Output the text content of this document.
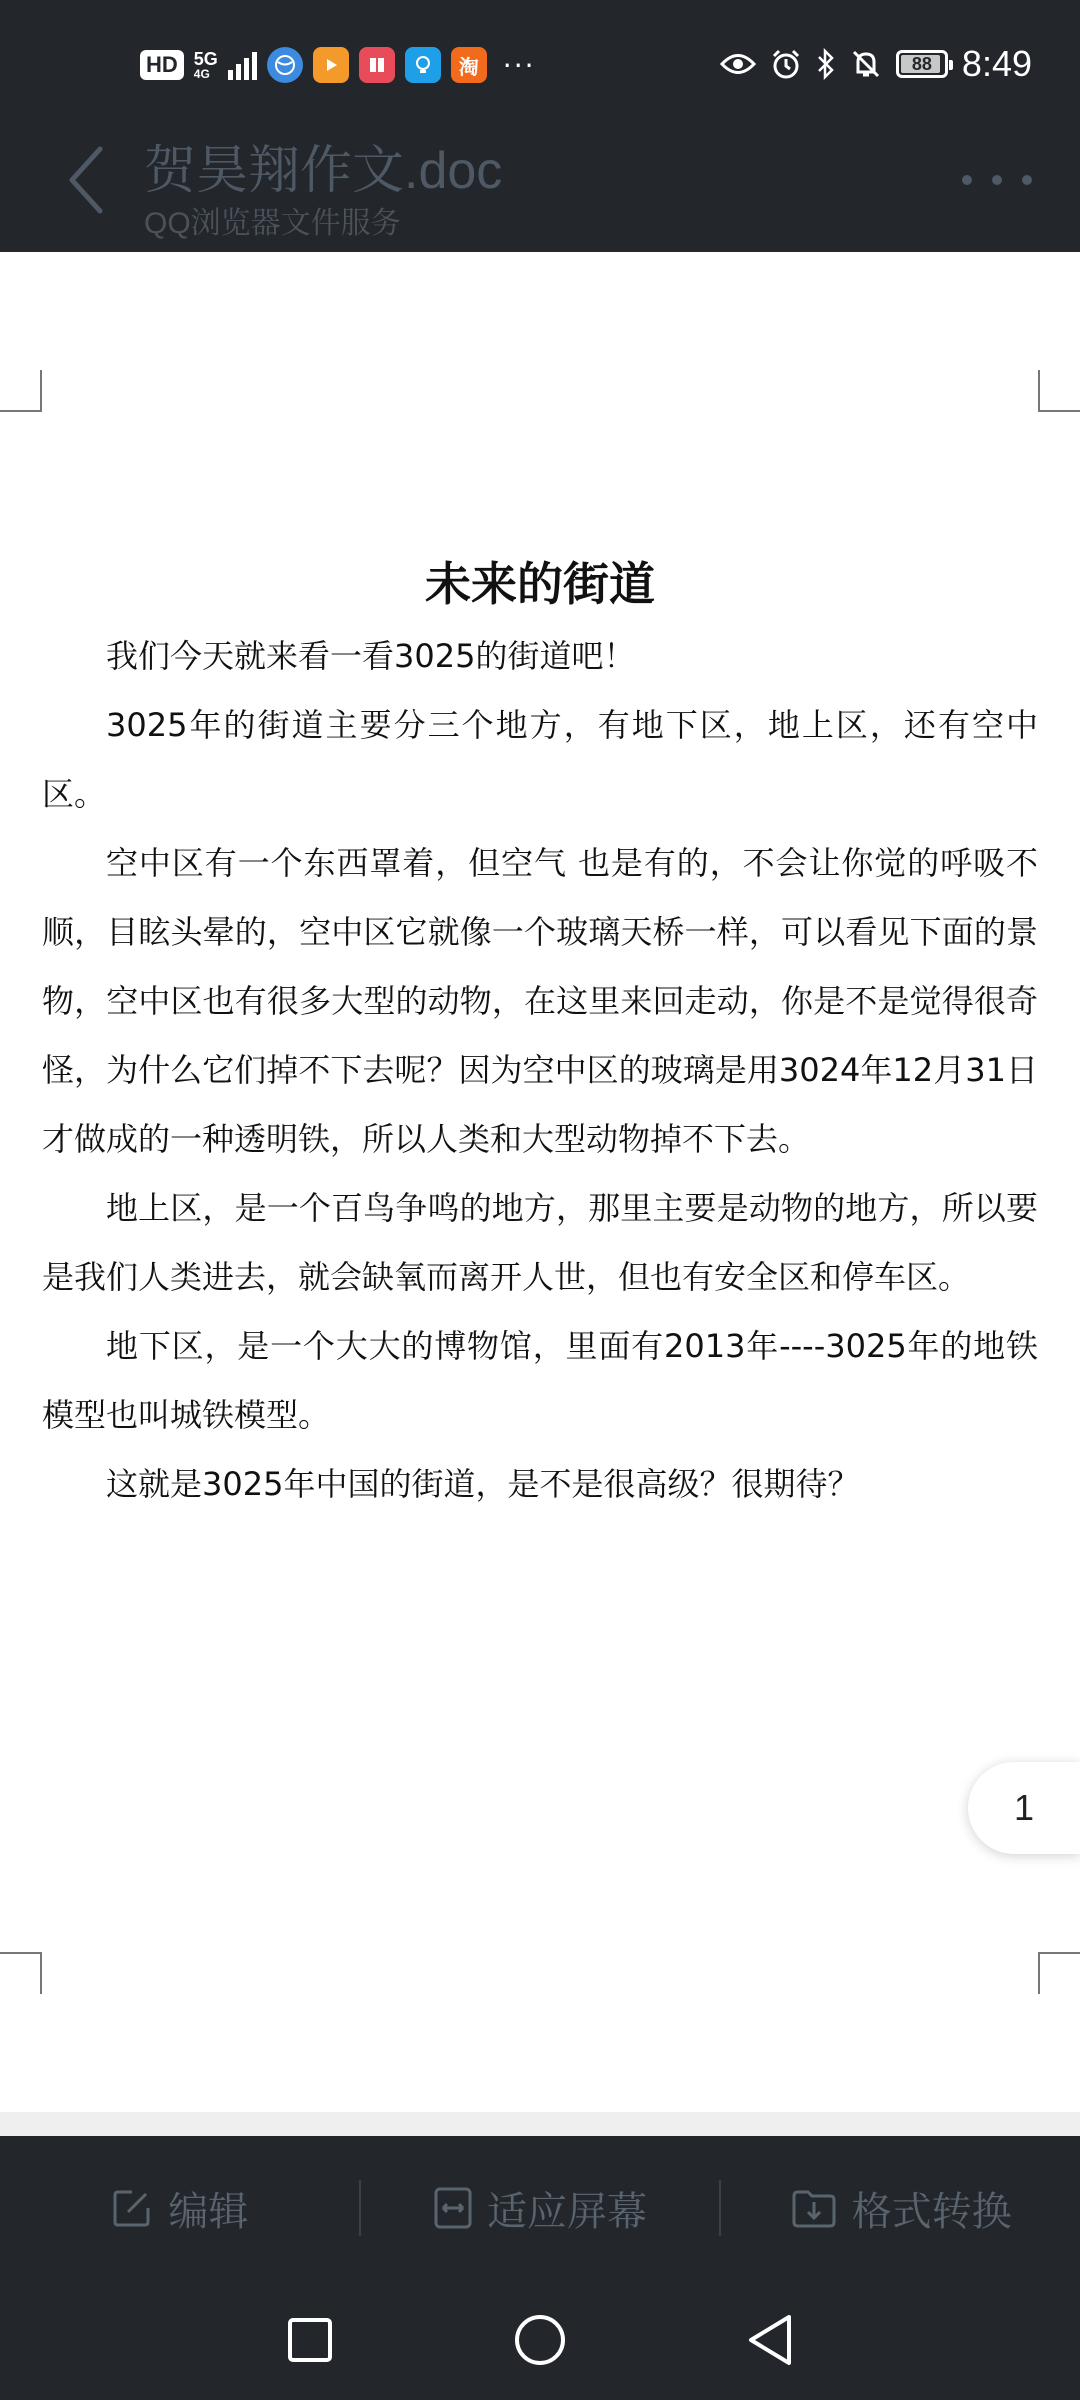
HD 5G
4G	淘 ···	88 8:49
贺昊翔作文.doc
QQ浏览器文件服务
未来的街道

我们今天就来看一看3025的街道吧！

3025年的街道主要分三个地方，有地下区，地上区，还有空中区。

空中区有一个东西罩着，但空气 也是有的，不会让你觉的呼吸不顺，目眩头晕的，空中区它就像一个玻璃天桥一样，可以看见下面的景物，空中区也有很多大型的动物，在这里来回走动，你是不是觉得很奇怪，为什么它们掉不下去呢？因为空中区的玻璃是用3024年12月31日才做成的一种透明铁，所以人类和大型动物掉不下去。

地上区，是一个百鸟争鸣的地方，那里主要是动物的地方，所以要是我们人类进去，就会缺氧而离开人世，但也有安全区和停车区。

地下区，是一个大大的博物馆，里面有2013年----3025年的地铁模型也叫城铁模型。

这就是3025年中国的街道，是不是很高级？很期待？

1
编辑	适应屏幕	格式转换
